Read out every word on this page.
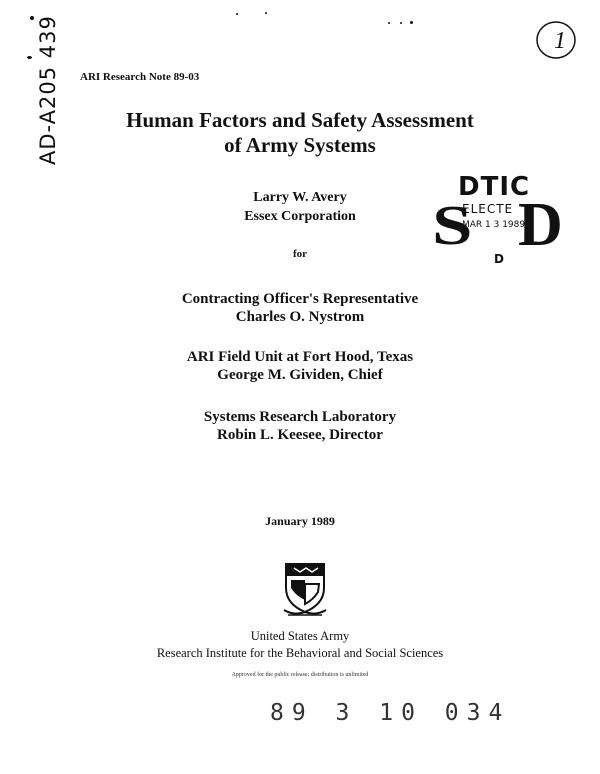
1
AD-A205 439	ARI Research Note 89-03
Human Factors and Safety Assessment
of Army Systems
Larry W. Avery
Essex Corporation
for	S
DTIC
ELECTE
MAR 1 3 1989
D
D
Contracting Officer's Representative
Charles O. Nystrom
ARI Field Unit at Fort Hood, Texas
George M. Gividen, Chief
Systems Research Laboratory
Robin L. Keesee, Director
January 1989
United States Army
Research Institute for the Behavioral and Social Sciences
Approved for the public release; distribution is unlimited
89 3 10 034
